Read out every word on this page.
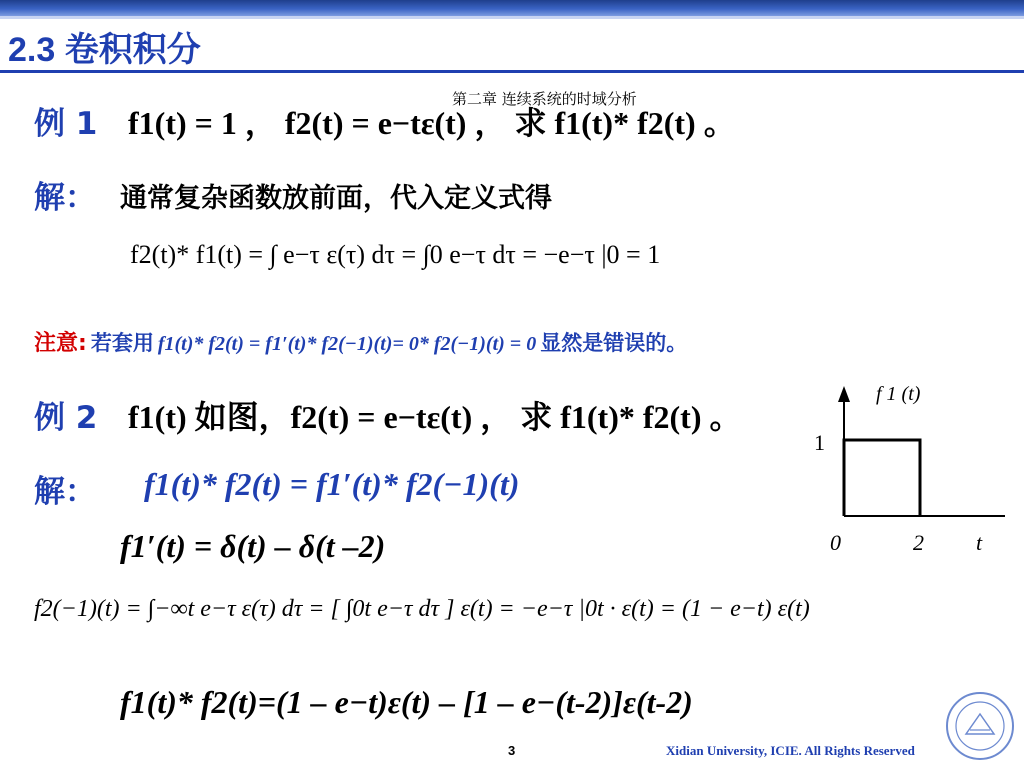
2.3 卷积积分
第二章 连续系统的时域分析
例 1 f1(t) = 1 ， f2(t) = e−tε(t) ， 求 f1(t)* f2(t) 。
解： 通常复杂函数放前面，代入定义式得
f2(t)* f1(t) = ∫ e−τ ε(τ) dτ = ∫0 e−τ dτ = −e−τ |0 = 1
注意: 若套用 f1(t)* f2(t) = f1′(t)* f2(−1)(t)= 0* f2(−1)(t) = 0 显然是错误的。
例 2 f1(t) 如图，f2(t) = e−tε(t) ， 求 f1(t)* f2(t) 。
解： f1(t)* f2(t) = f1′(t)* f2(−1)(t)
f1′(t) = δ(t) – δ(t –2)
f2(−1)(t) = ∫−∞t e−τ ε(τ) dτ = [ ∫0t e−τ dτ ] ε(t) = −e−τ |0t · ε(t) = (1 − e−t) ε(t)
f1(t)* f2(t)=(1 – e−t)ε(t) – [1 – e−(t-2)]ε(t-2)
f 1 (t)
1
0	2 t
3	Xidian University, ICIE. All Rights Reserved
